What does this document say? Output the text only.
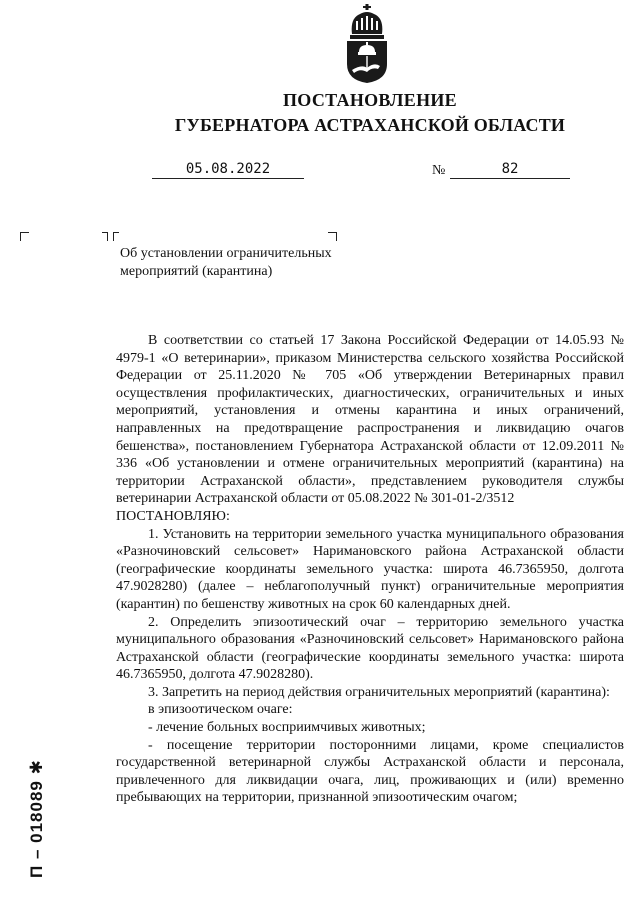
ПОСТАНОВЛЕНИЕ
ГУБЕРНАТОРА АСТРАХАНСКОЙ ОБЛАСТИ
05.08.2022	№	82
Об установлении ограничительных мероприятий (карантина)

В соответствии со статьей 17 Закона Российской Федерации от 14.05.93 № 4979-1 «О ветеринарии», приказом Министерства сельского хозяйства Российской Федерации от 25.11.2020 № 705 «Об утверждении Ветеринарных правил осуществления профилактических, диагностических, ограничительных и иных мероприятий, установления и отмены карантина и иных ограничений, направленных на предотвращение распространения и ликвидацию очагов бешенства», постановлением Губернатора Астраханской области от 12.09.2011 № 336 «Об установлении и отмене ограничительных мероприятий (карантина) на территории Астраханской области», представлением руководителя службы ветеринарии Астраханской области от 05.08.2022 № 301-01-2/3512

ПОСТАНОВЛЯЮ:

1. Установить на территории земельного участка муниципального образования «Разночиновский сельсовет» Наримановского района Астраханской области (географические координаты земельного участка: широта 46.7365950, долгота 47.9028280) (далее – неблагополучный пункт) ограничительные мероприятия (карантин) по бешенству животных на срок 60 календарных дней.

2. Определить эпизоотический очаг – территорию земельного участка муниципального образования «Разночиновский сельсовет» Наримановского района Астраханской области (географические координаты земельного участка: широта 46.7365950, долгота 47.9028280).

3. Запретить на период действия ограничительных мероприятий (карантина):

в эпизоотическом очаге:

- лечение больных восприимчивых животных;

- посещение территории посторонними лицами, кроме специалистов государственной ветеринарной службы Астраханской области и персонала, привлеченного для ликвидации очага, лиц, проживающих и (или) временно пребывающих на территории, признанной эпизоотическим очагом;

П – 018089 ✱
